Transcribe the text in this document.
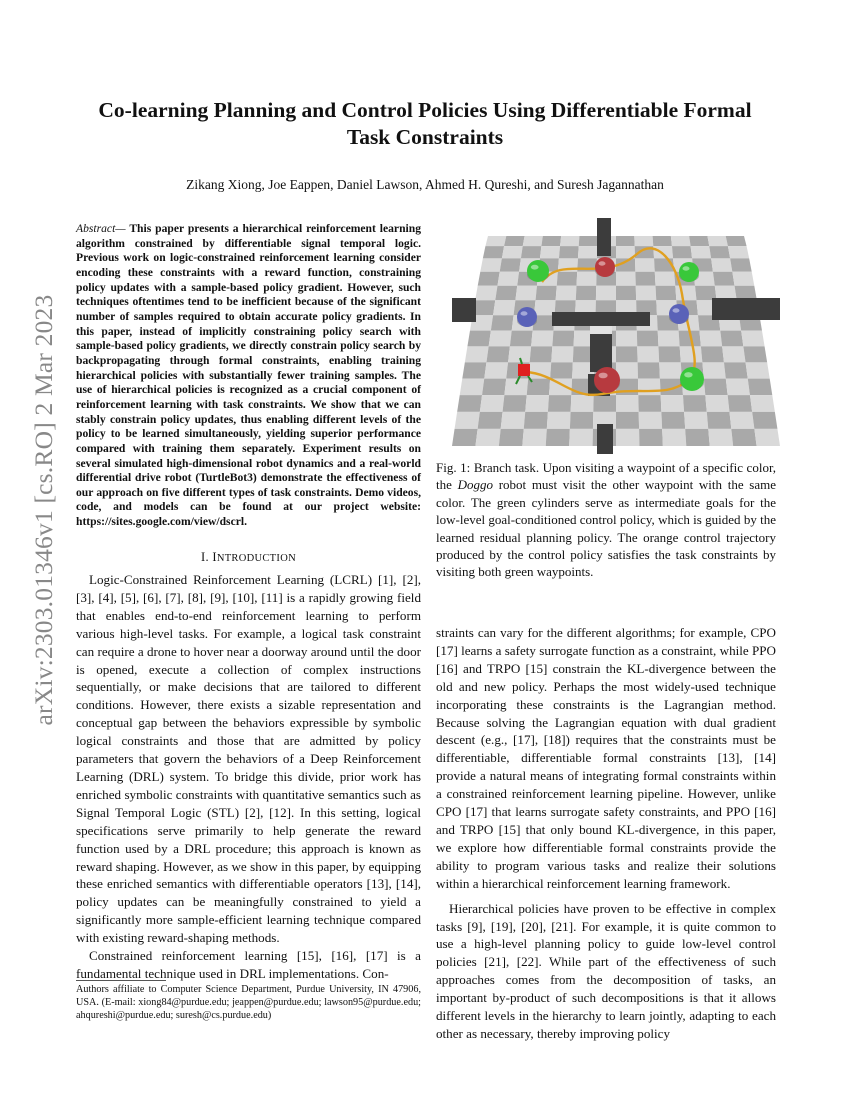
arXiv:2303.01346v1 [cs.RO] 2 Mar 2023
Co-learning Planning and Control Policies Using Differentiable Formal
Task Constraints
Zikang Xiong, Joe Eappen, Daniel Lawson, Ahmed H. Qureshi, and Suresh Jagannathan
Abstract— This paper presents a hierarchical reinforcement learning algorithm constrained by differentiable signal temporal logic. Previous work on logic-constrained reinforcement learning consider encoding these constraints with a reward function, constraining policy updates with a sample-based policy gradient. However, such techniques oftentimes tend to be inefficient because of the significant number of samples required to obtain accurate policy gradients. In this paper, instead of implicitly constraining policy search with sample-based policy gradients, we directly constrain policy search by backpropagating through formal constraints, enabling training hierarchical policies with substantially fewer training samples. The use of hierarchical policies is recognized as a crucial component of reinforcement learning with task constraints. We show that we can stably constrain policy updates, thus enabling different levels of the policy to be learned simultaneously, yielding superior performance compared with training them separately. Experiment results on several simulated high-dimensional robot dynamics and a real-world differential drive robot (TurtleBot3) demonstrate the effectiveness of our approach on five different types of task constraints. Demo videos, code, and models can be found at our project website: https://sites.google.com/view/dscrl.
I. INTRODUCTION

Logic-Constrained Reinforcement Learning (LCRL) [1], [2], [3], [4], [5], [6], [7], [8], [9], [10], [11] is a rapidly growing field that enables end-to-end reinforcement learning to perform various high-level tasks. For example, a logical task constraint can require a drone to hover near a doorway around until the door is opened, execute a collection of complex instructions sequentially, or make decisions that are tailored to different conditions. However, there exists a sizable representation and conceptual gap between the behaviors expressible by symbolic logical constraints and those that are admitted by policy parameters that govern the behaviors of a Deep Reinforcement Learning (DRL) system. To bridge this divide, prior work has enriched symbolic constraints with quantitative semantics such as Signal Temporal Logic (STL) [2], [12]. In this setting, logical specifications serve primarily to help generate the reward function used by a DRL procedure; this approach is known as reward shaping. However, as we show in this paper, by equipping these enriched semantics with differentiable operators [13], [14], policy updates can be meaningfully constrained to yield a significantly more sample-efficient learning technique compared with existing reward-shaping methods.

Constrained reinforcement learning [15], [16], [17] is a fundamental technique used in DRL implementations. Con-

Authors affiliate to Computer Science Department, Purdue University, IN 47906, USA. (E-mail: xiong84@purdue.edu; jeappen@purdue.edu; lawson95@purdue.edu; ahqureshi@purdue.edu; suresh@cs.purdue.edu)
Fig. 1: Branch task. Upon visiting a waypoint of a specific color, the Doggo robot must visit the other waypoint with the same color. The green cylinders serve as intermediate goals for the low-level goal-conditioned control policy, which is guided by the learned residual planning policy. The orange control trajectory produced by the control policy satisfies the task constraints by visiting both green waypoints.

straints can vary for the different algorithms; for example, CPO [17] learns a safety surrogate function as a constraint, while PPO [16] and TRPO [15] constrain the KL-divergence between the old and new policy. Perhaps the most widely-used technique incorporating these constraints is the Lagrangian method. Because solving the Lagrangian equation with dual gradient descent (e.g., [17], [18]) requires that the constraints must be differentiable, differentiable formal constraints [13], [14] provide a natural means of integrating formal constraints within a constrained reinforcement learning pipeline. However, unlike CPO [17] that learns surrogate safety constraints, and PPO [16] and TRPO [15] that only bound KL-divergence, in this paper, we explore how differentiable formal constraints provide the ability to program various tasks and realize their solutions within a hierarchical reinforcement learning framework.

Hierarchical policies have proven to be effective in complex tasks [9], [19], [20], [21]. For example, it is quite common to use a high-level planning policy to guide low-level control policies [21], [22]. While part of the effectiveness of such approaches comes from the decomposition of tasks, an important by-product of such decompositions is that it allows different levels in the hierarchy to learn jointly, adapting to each other as necessary, thereby improving policy
